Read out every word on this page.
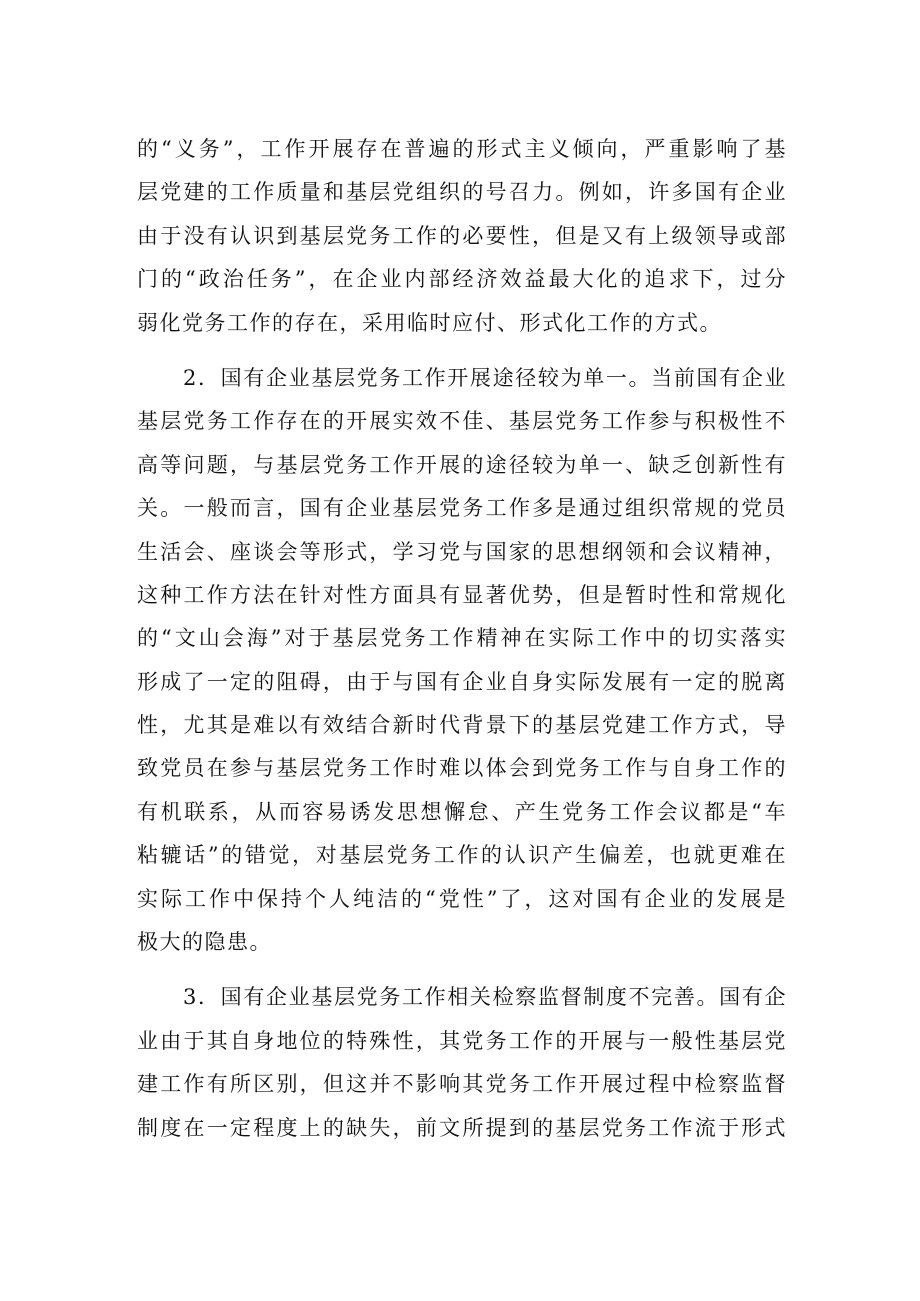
的“义务”，工作开展存在普遍的形式主义倾向，严重影响了基
层党建的工作质量和基层党组织的号召力。例如，许多国有企业
由于没有认识到基层党务工作的必要性，但是又有上级领导或部
门的“政治任务”，在企业内部经济效益最大化的追求下，过分
弱化党务工作的存在，采用临时应付、形式化工作的方式。
2．国有企业基层党务工作开展途径较为单一。当前国有企业
基层党务工作存在的开展实效不佳、基层党务工作参与积极性不
高等问题，与基层党务工作开展的途径较为单一、缺乏创新性有
关。一般而言，国有企业基层党务工作多是通过组织常规的党员
生活会、座谈会等形式，学习党与国家的思想纲领和会议精神，
这种工作方法在针对性方面具有显著优势，但是暂时性和常规化
的“文山会海”对于基层党务工作精神在实际工作中的切实落实
形成了一定的阻碍，由于与国有企业自身实际发展有一定的脱离
性，尤其是难以有效结合新时代背景下的基层党建工作方式，导
致党员在参与基层党务工作时难以体会到党务工作与自身工作的
有机联系，从而容易诱发思想懈怠、产生党务工作会议都是“车
粘辘话”的错觉，对基层党务工作的认识产生偏差，也就更难在
实际工作中保持个人纯洁的“党性”了，这对国有企业的发展是
极大的隐患。
3．国有企业基层党务工作相关检察监督制度不完善。国有企
业由于其自身地位的特殊性，其党务工作的开展与一般性基层党
建工作有所区别，但这并不影响其党务工作开展过程中检察监督
制度在一定程度上的缺失，前文所提到的基层党务工作流于形式
